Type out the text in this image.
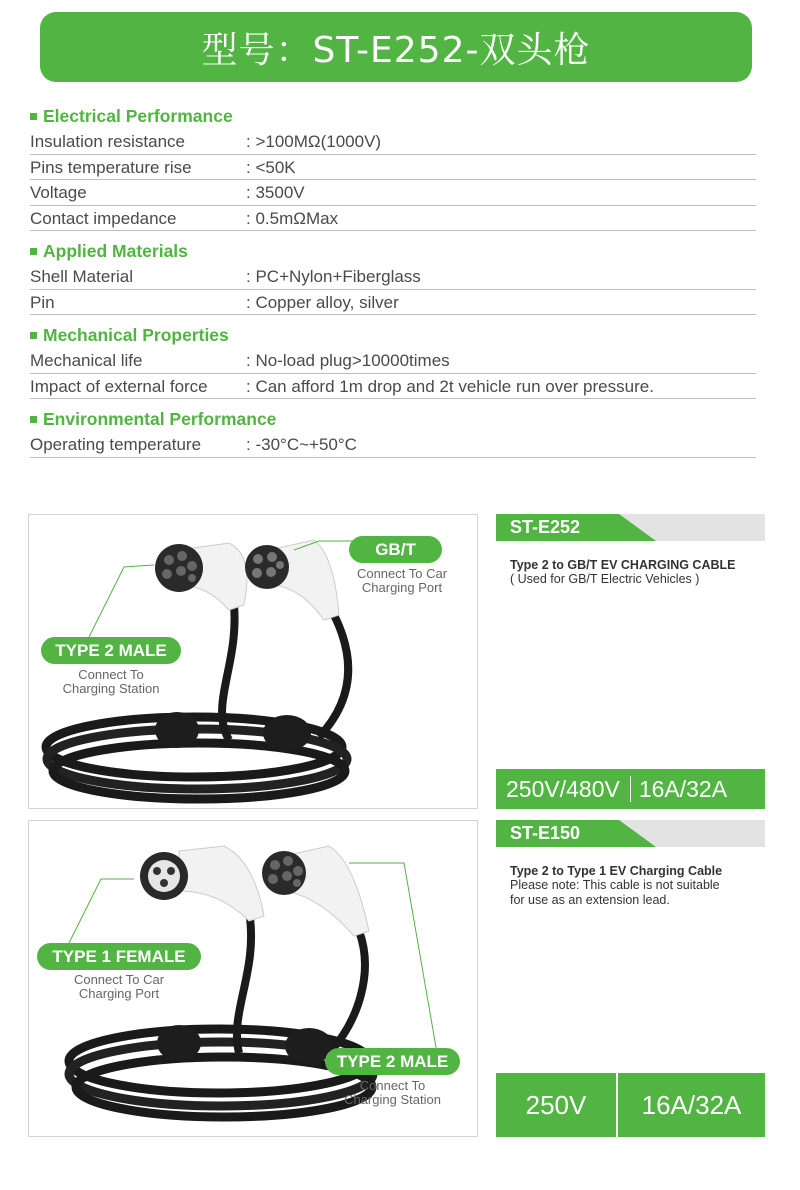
型号：ST-E252-双头枪
Electrical Performance
Insulation resistance	: >100MΩ(1000V)
Pins temperature rise	: <50K
Voltage	: 3500V
Contact impedance	: 0.5mΩMax
Applied Materials
Shell Material	: PC+Nylon+Fiberglass
Pin	: Copper alloy, silver
Mechanical Properties
Mechanical life	: No-load plug>10000times
Impact of external force	: Can afford 1m drop and 2t vehicle run over pressure.
Environmental Performance
Operating temperature	: -30°C~+50°C
TYPE 2 MALE
Connect To
Charging Station
GB/T
Connect To Car
Charging Port
ST-E252
Type 2 to GB/T EV CHARGING CABLE
( Used for GB/T Electric Vehicles )
250V/480V 16A/32A
TYPE 1 FEMALE
Connect To Car
Charging Port
TYPE 2 MALE
Connect To
Charging Station
ST-E150
Type 2 to Type 1 EV Charging Cable
Please note: This cable is not suitable
for use as an extension lead.
250V	16A/32A
